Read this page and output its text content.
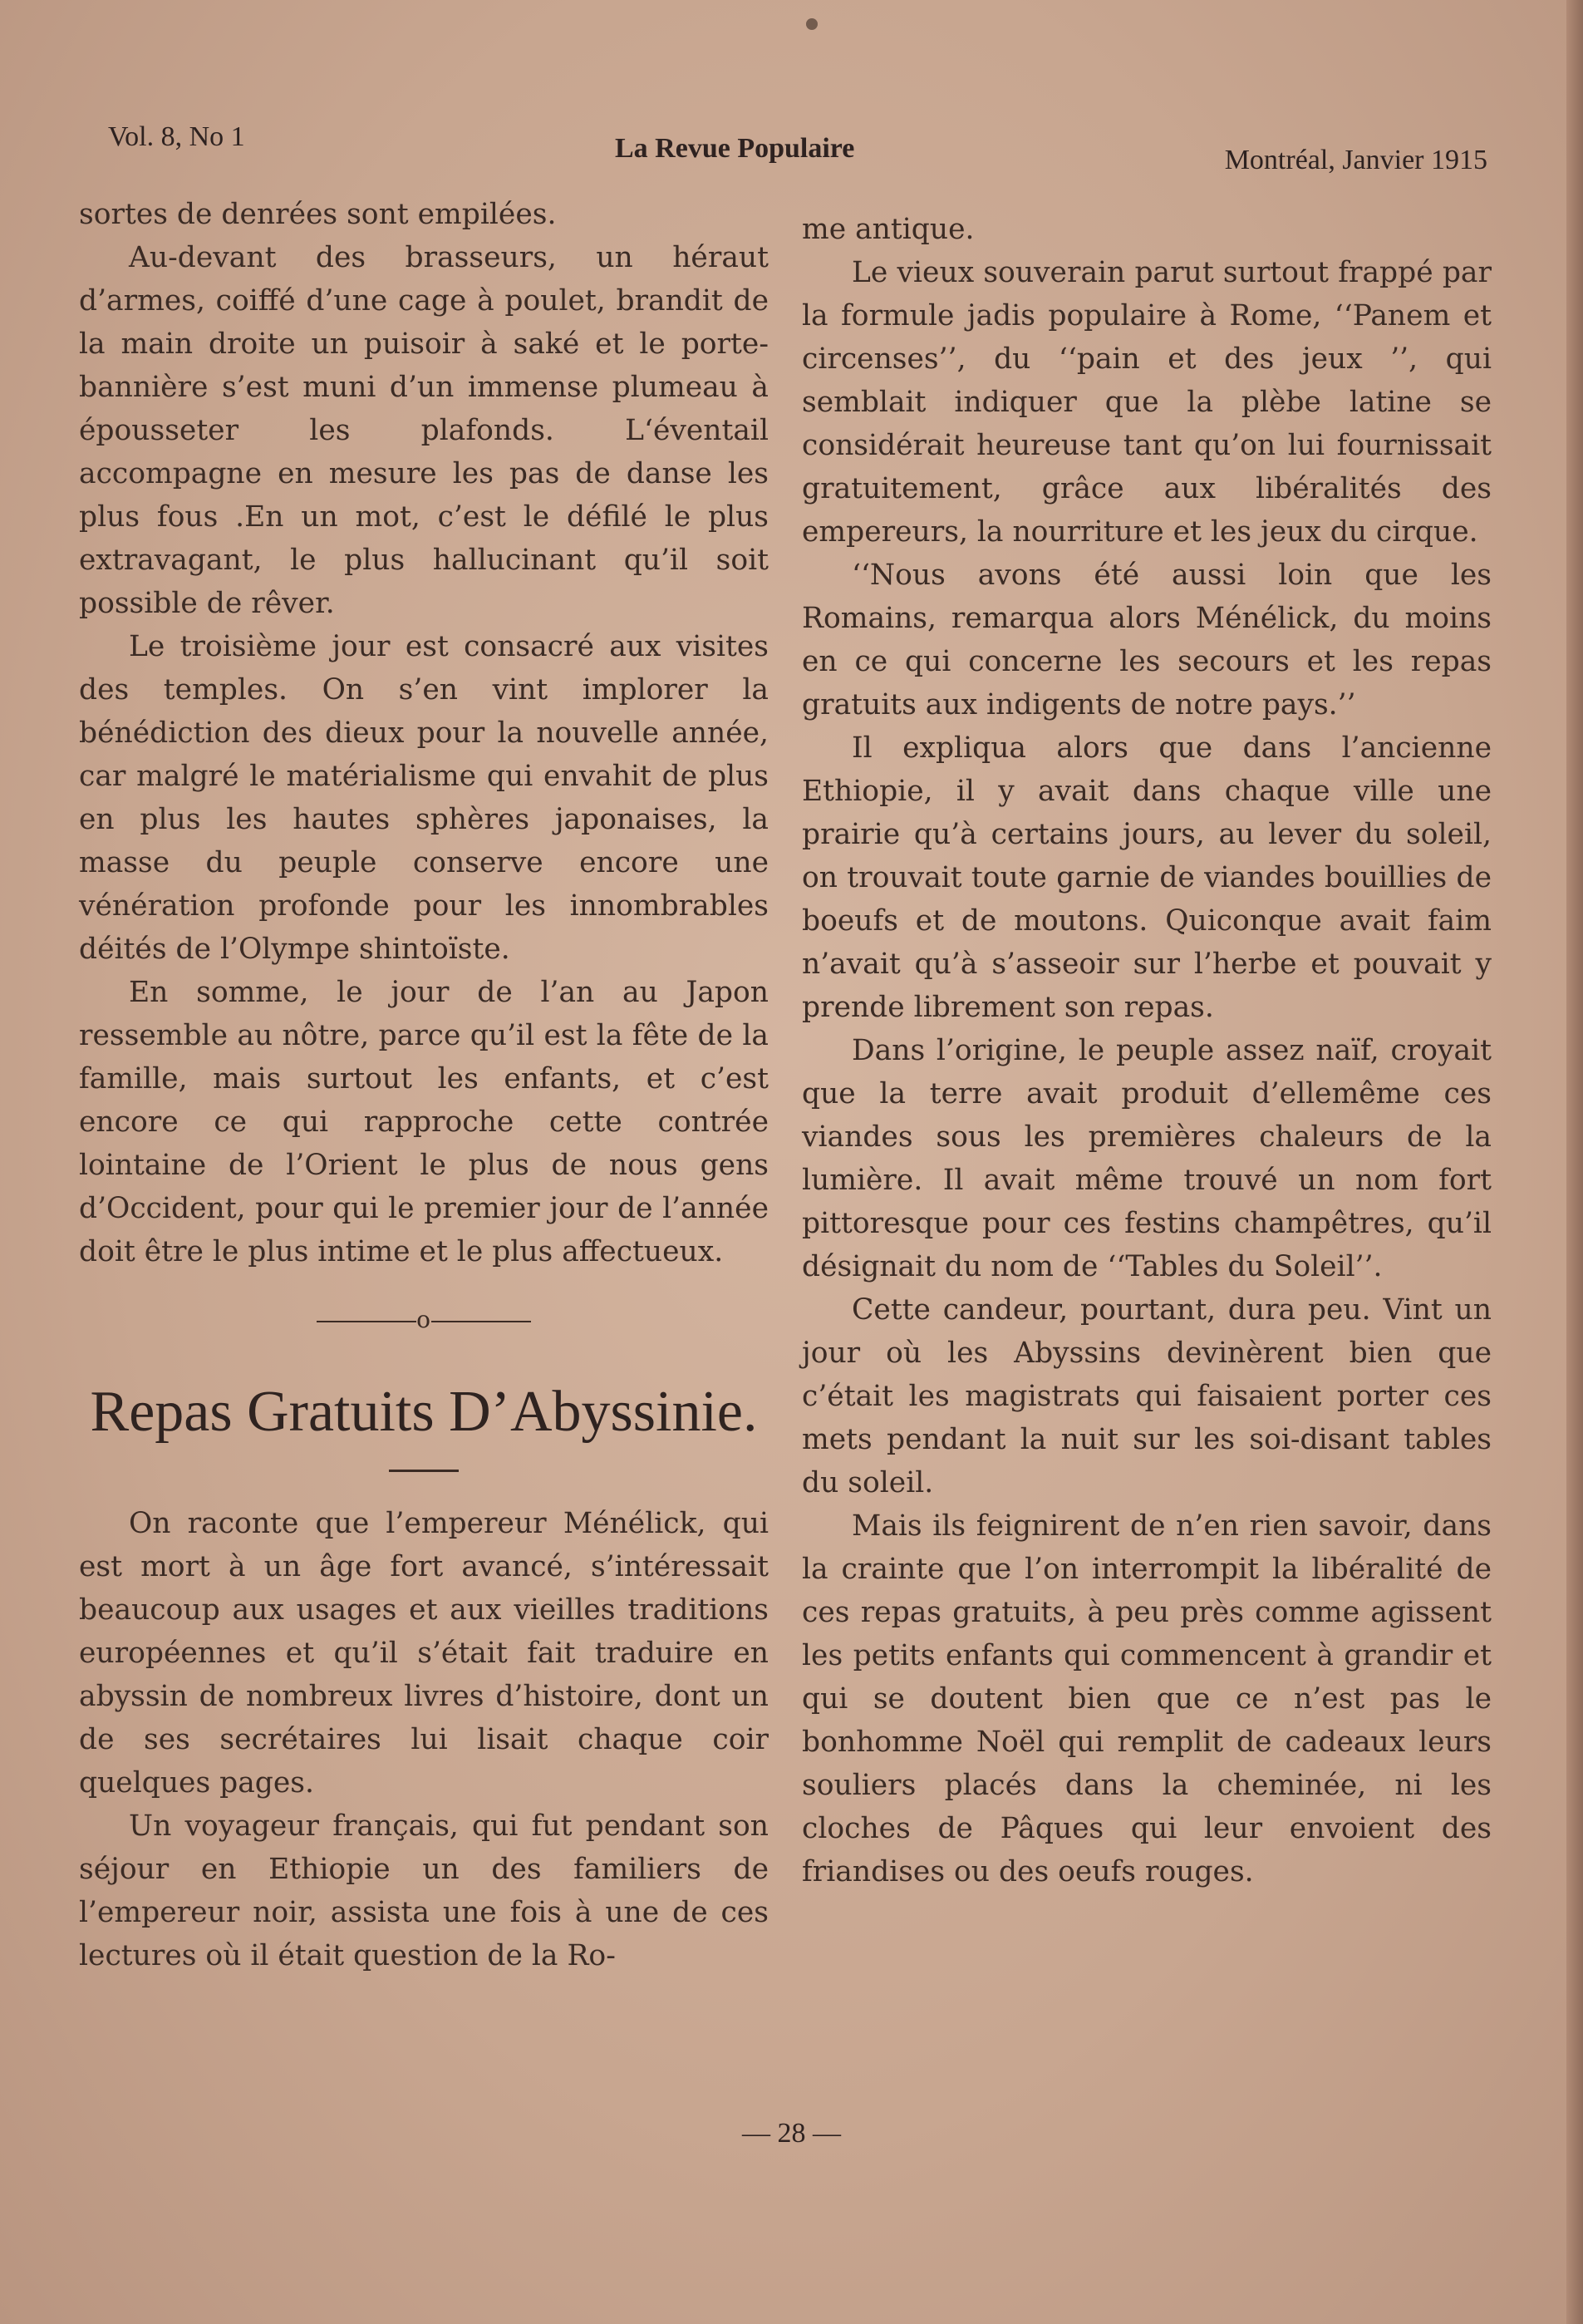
Vol. 8, No 1	La Revue Populaire	Montréal, Janvier 1915

sortes de denrées sont empilées.

Au-devant des brasseurs, un héraut d’armes, coiffé d’une cage à poulet, brandit de la main droite un puisoir à saké et le porte-bannière s’est muni d’un immense plumeau à épousseter les plafonds. L‘éventail accompagne en mesure les pas de danse les plus fous .En un mot, c’est le défilé le plus extravagant, le plus hallucinant qu’il soit possible de rêver.

Le troisième jour est consacré aux visites des temples. On s’en vint implorer la bénédiction des dieux pour la nouvelle année, car malgré le matérialisme qui envahit de plus en plus les hautes sphères japonaises, la masse du peuple conserve encore une vénération profonde pour les innombrables déités de l’Olympe shintoïste.

En somme, le jour de l’an au Japon ressemble au nôtre, parce qu’il est la fête de la famille, mais surtout les enfants, et c’est encore ce qui rapproche cette contrée lointaine de l’Orient le plus de nous gens d’Occident, pour qui le premier jour de l’année doit être le plus intime et le plus affectueux.

o
Repas Gratuits D’Abyssinie.

On raconte que l’empereur Ménélick, qui est mort à un âge fort avancé, s’intéressait beaucoup aux usages et aux vieilles traditions européennes et qu’il s’était fait traduire en abyssin de nombreux livres d’histoire, dont un de ses secrétaires lui lisait chaque coir quelques pages.

Un voyageur français, qui fut pendant son séjour en Ethiopie un des familiers de l’empereur noir, assista une fois à une de ces lectures où il était question de la Ro-

me antique.

Le vieux souverain parut surtout frappé par la formule jadis populaire à Rome, ‘‘Panem et circenses’’, du ‘‘pain et des jeux ’’, qui semblait indiquer que la plèbe latine se considérait heureuse tant qu’on lui fournissait gratuitement, grâce aux libéralités des empereurs, la nourriture et les jeux du cirque.

‘‘Nous avons été aussi loin que les Romains, remarqua alors Ménélick, du moins en ce qui concerne les secours et les repas gratuits aux indigents de notre pays.’’

Il expliqua alors que dans l’ancienne Ethiopie, il y avait dans chaque ville une prairie qu’à certains jours, au lever du soleil, on trouvait toute garnie de viandes bouillies de boeufs et de moutons. Quiconque avait faim n’avait qu’à s’asseoir sur l’herbe et pouvait y prende librement son repas.

Dans l’origine, le peuple assez naïf, croyait que la terre avait produit d’ellemême ces viandes sous les premières chaleurs de la lumière. Il avait même trouvé un nom fort pittoresque pour ces festins champêtres, qu’il désignait du nom de ‘‘Tables du Soleil’’.

Cette candeur, pourtant, dura peu. Vint un jour où les Abyssins devinèrent bien que c’était les magistrats qui faisaient porter ces mets pendant la nuit sur les soi-disant tables du soleil.

Mais ils feignirent de n’en rien savoir, dans la crainte que l’on interrompit la libéralité de ces repas gratuits, à peu près comme agissent les petits enfants qui commencent à grandir et qui se doutent bien que ce n’est pas le bonhomme Noël qui remplit de cadeaux leurs souliers placés dans la cheminée, ni les cloches de Pâques qui leur envoient des friandises ou des oeufs rouges.

— 28 —
